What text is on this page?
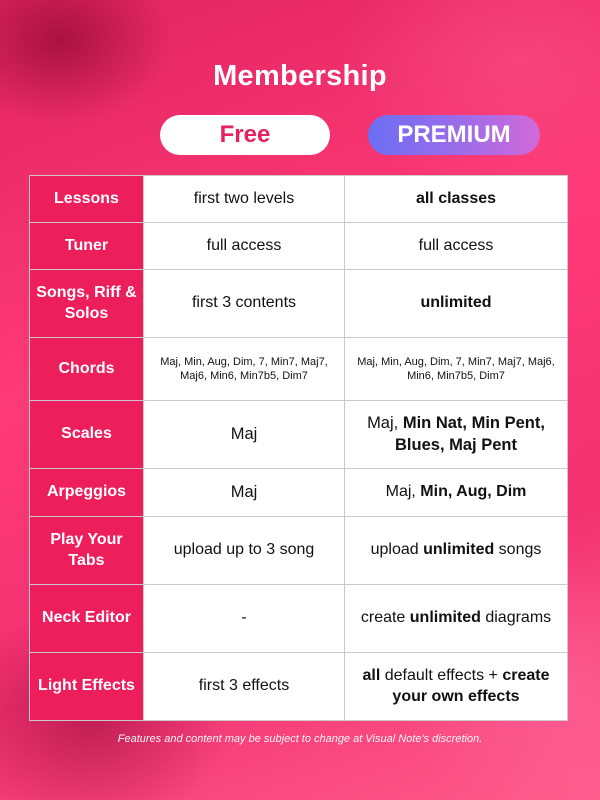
Membership
Free	PREMIUM
Lessons	first two levels	all classes
Tuner	full access	full access
Songs, Riff & Solos	first 3 contents	unlimited
Chords	Maj, Min, Aug, Dim, 7, Min7, Maj7, Maj6, Min6, Min7b5, Dim7	Maj, Min, Aug, Dim, 7, Min7, Maj7, Maj6, Min6, Min7b5, Dim7
Scales	Maj	Maj, Min Nat, Min Pent, Blues, Maj Pent
Arpeggios	Maj	Maj, Min, Aug, Dim
Play Your Tabs	upload up to 3 song	upload unlimited songs
Neck Editor	-	create unlimited diagrams
Light Effects	first 3 effects	all default effects + create your own effects
Features and content may be subject to change at Visual Note's discretion.
